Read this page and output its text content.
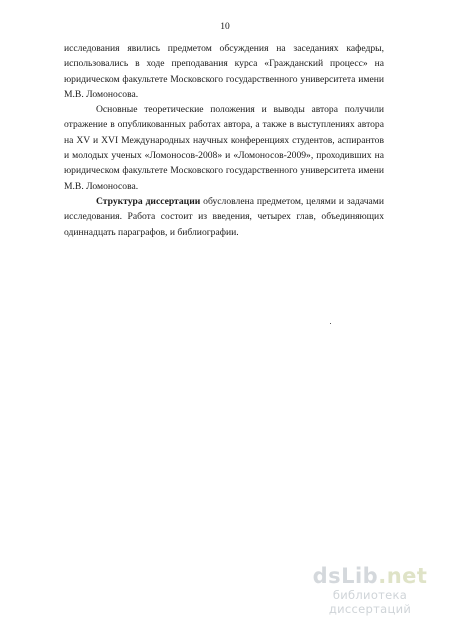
10

исследования явились предметом обсуждения на заседаниях кафедры, использовались в ходе преподавания курса «Гражданский процесс» на юридическом факультете Московского государственного университета имени М.В. Ломоносова.

Основные теоретические положения и выводы автора получили отражение в опубликованных работах автора, а также в выступлениях автора на XV и XVI Международных научных конференциях студентов, аспирантов и молодых ученых «Ломоносов-2008» и «Ломоносов-2009», проходивших на юридическом факультете Московского государственного университета имени М.В. Ломоносова.

Структура диссертации обусловлена предметом, целями и задачами исследования. Работа состоит из введения, четырех глав, объединяющих одиннадцать параграфов, и библиографии.

dsLib.net
библиотека диссертаций
